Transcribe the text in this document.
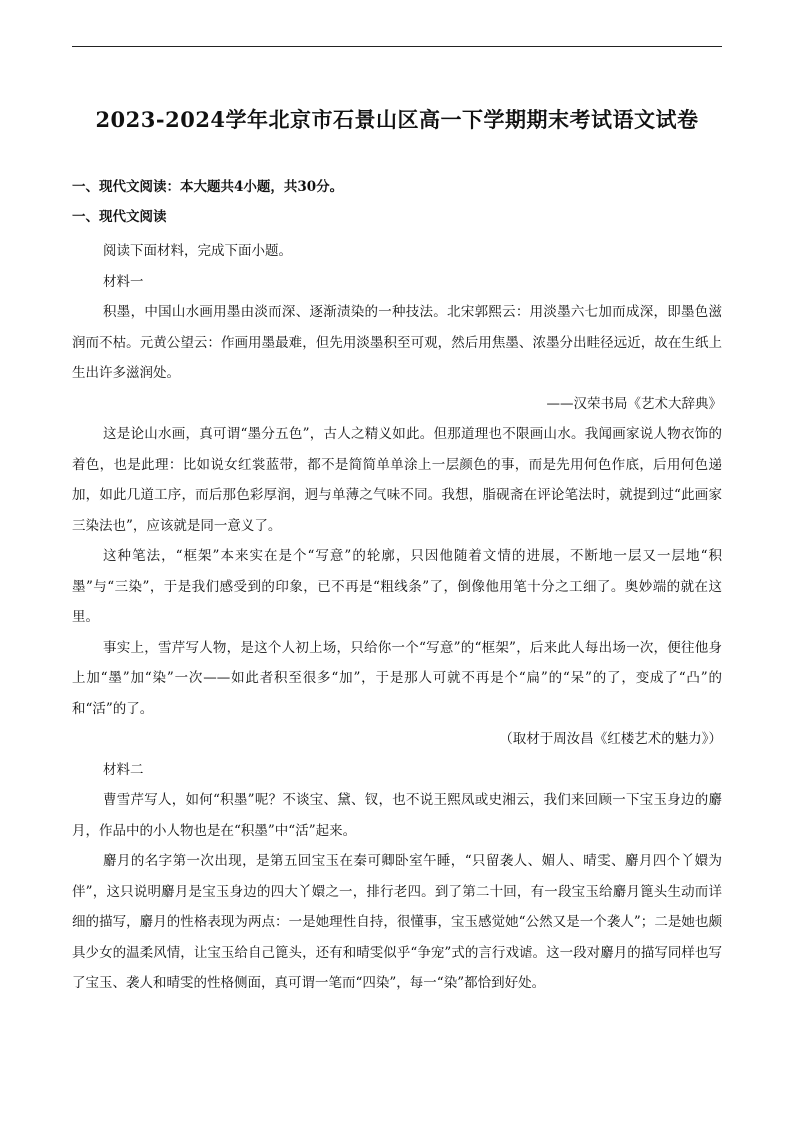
2023-2024学年北京市石景山区高一下学期期末考试语文试卷
一、现代文阅读：本大题共4小题，共30分。
一、现代文阅读

阅读下面材料，完成下面小题。

材料一

积墨，中国山水画用墨由淡而深、逐渐渍染的一种技法。北宋郭熙云：用淡墨六七加而成深，即墨色滋润而不枯。元黄公望云：作画用墨最难，但先用淡墨积至可观，然后用焦墨、浓墨分出畦径远近，故在生纸上生出许多滋润处。

——汉荣书局《艺术大辞典》

这是论山水画，真可谓“墨分五色”，古人之精义如此。但那道理也不限画山水。我闻画家说人物衣饰的着色，也是此理：比如说女红裳蓝带，都不是简简单单涂上一层颜色的事，而是先用何色作底，后用何色递加，如此几道工序，而后那色彩厚润，迥与单薄之气味不同。我想，脂砚斋在评论笔法时，就提到过“此画家三染法也”，应该就是同一意义了。

这种笔法，“框架”本来实在是个“写意”的轮廓，只因他随着文情的进展，不断地一层又一层地“积墨”与“三染”，于是我们感受到的印象，已不再是“粗线条”了，倒像他用笔十分之工细了。奥妙端的就在这里。

事实上，雪芹写人物，是这个人初上场，只给你一个“写意”的“框架”，后来此人每出场一次，便往他身上加“墨”加“染”一次——如此者积至很多“加”，于是那人可就不再是个“扁”的“呆”的了，变成了“凸”的和“活”的了。

（取材于周汝昌《红楼艺术的魅力》）

材料二

曹雪芹写人，如何“积墨”呢？不谈宝、黛、钗，也不说王熙凤或史湘云，我们来回顾一下宝玉身边的麝月，作品中的小人物也是在“积墨”中“活”起来。

麝月的名字第一次出现，是第五回宝玉在秦可卿卧室午睡，“只留袭人、媚人、晴雯、麝月四个丫嬛为伴”，这只说明麝月是宝玉身边的四大丫嬛之一，排行老四。到了第二十回，有一段宝玉给麝月篦头生动而详细的描写，麝月的性格表现为两点：一是她理性自持，很懂事，宝玉感觉她“公然又是一个袭人”；二是她也颇具少女的温柔风情，让宝玉给自己篦头，还有和晴雯似乎“争宠”式的言行戏谑。这一段对麝月的描写同样也写了宝玉、袭人和晴雯的性格侧面，真可谓一笔而“四染”，每一“染”都恰到好处。
